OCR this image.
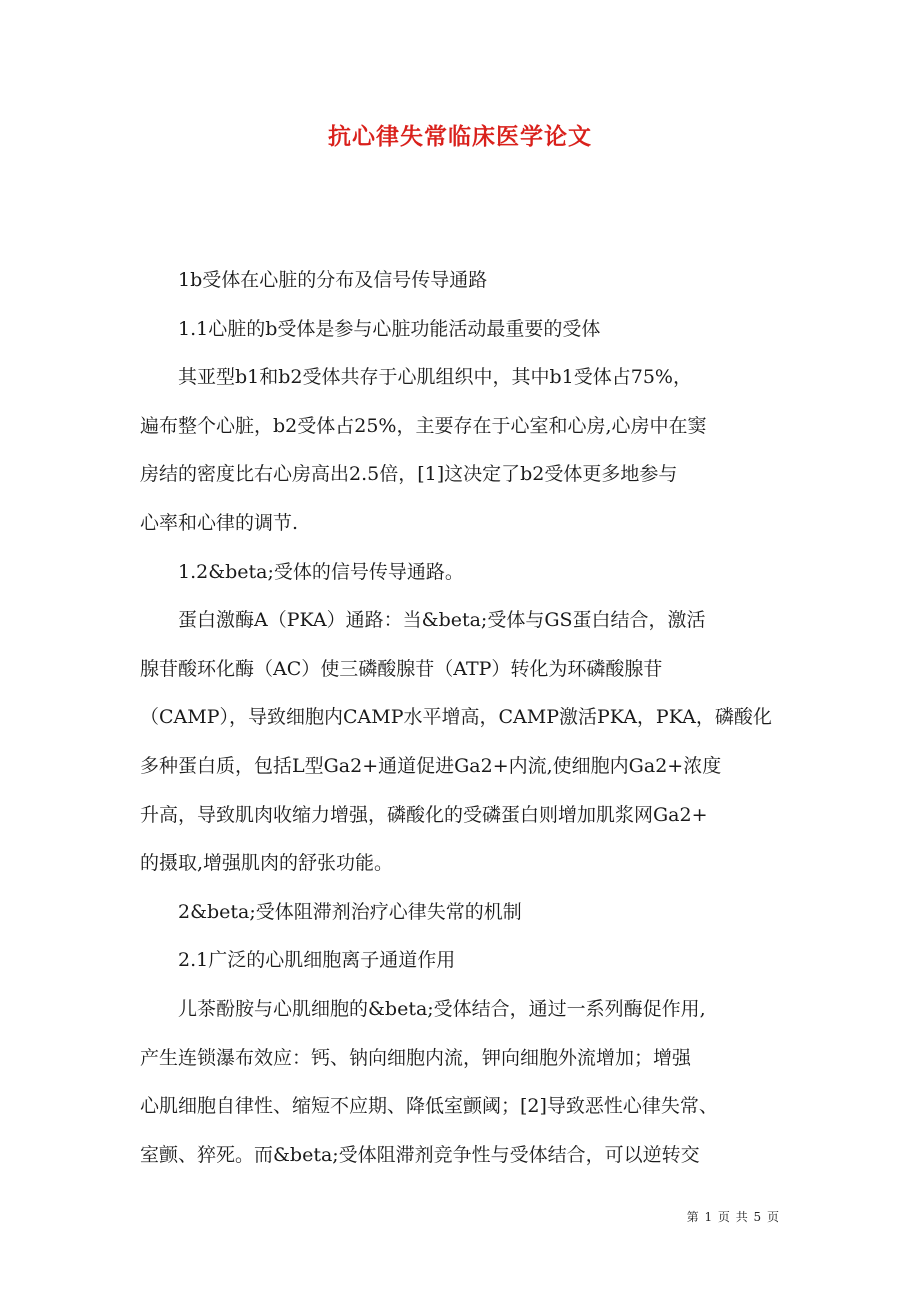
抗心律失常临床医学论文
　　1b受体在心脏的分布及信号传导通路
　　1.1心脏的b受体是参与心脏功能活动最重要的受体
　　其亚型b1和b2受体共存于心肌组织中，其中b1受体占75%，
遍布整个心脏，b2受体占25%，主要存在于心室和心房,心房中在窦
房结的密度比右心房高出2.5倍，[1]这决定了b2受体更多地参与
心率和心律的调节.
　　1.2&beta;受体的信号传导通路。
　　蛋白激酶A（PKA）通路：当&beta;受体与GS蛋白结合，激活
腺苷酸环化酶（AC）使三磷酸腺苷（ATP）转化为环磷酸腺苷
（CAMP），导致细胞内CAMP水平增高，CAMP激活PKA，PKA，磷酸化
多种蛋白质，包括L型Ga2+通道促进Ga2+内流,使细胞内Ga2+浓度
升高，导致肌肉收缩力增强，磷酸化的受磷蛋白则增加肌浆网Ga2+
的摄取,增强肌肉的舒张功能。
　　2&beta;受体阻滞剂治疗心律失常的机制
　　2.1广泛的心肌细胞离子通道作用
　　儿茶酚胺与心肌细胞的&beta;受体结合，通过一系列酶促作用,
产生连锁瀑布效应：钙、钠向细胞内流，钾向细胞外流增加；增强
心肌细胞自律性、缩短不应期、降低室颤阈；[2]导致恶性心律失常、
室颤、猝死。而&beta;受体阻滞剂竞争性与受体结合，可以逆转交
第 1 页 共 5 页
